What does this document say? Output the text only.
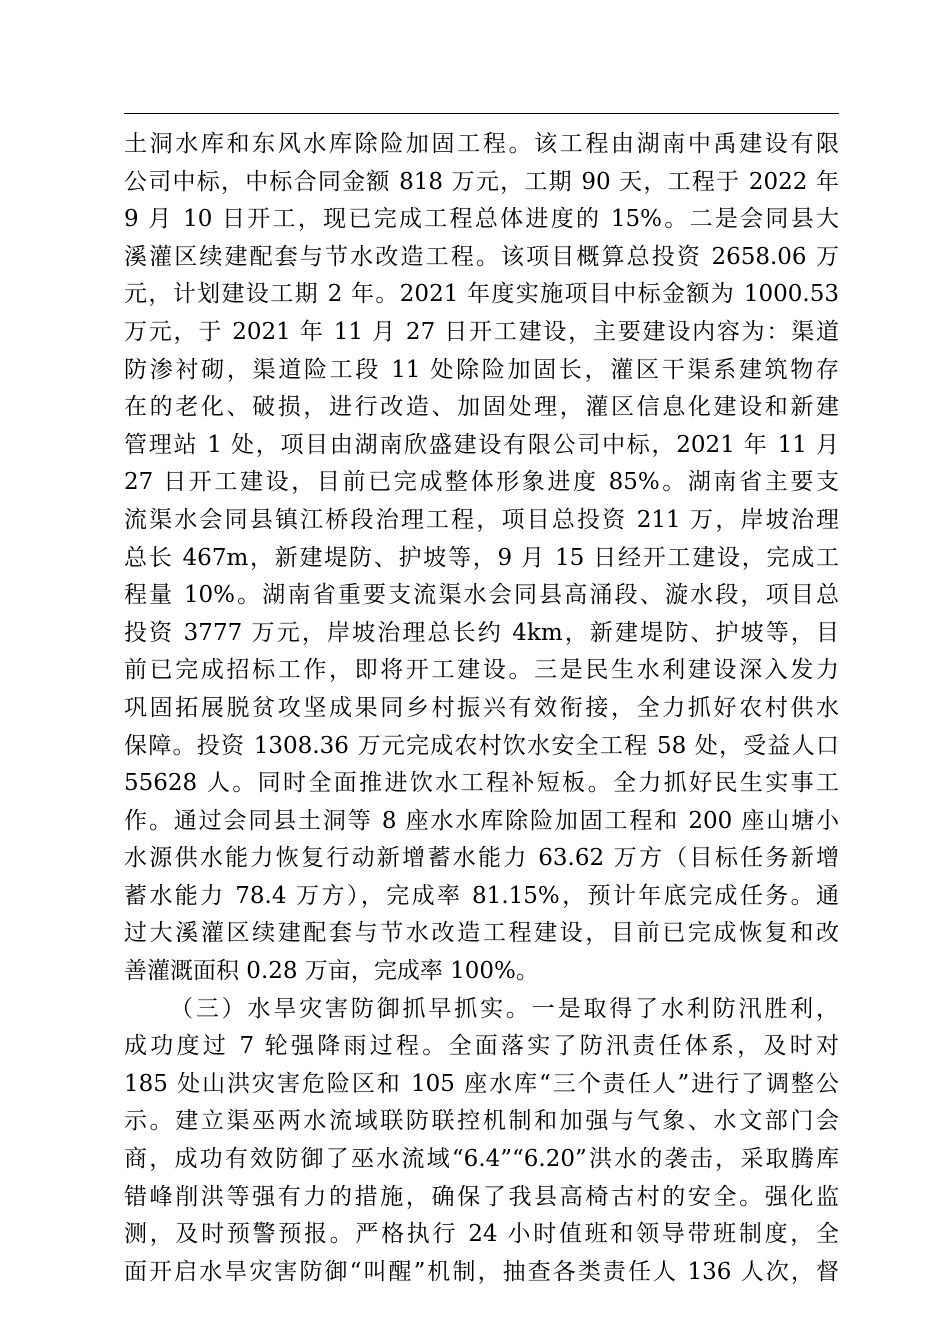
土洞水库和东风水库除险加固工程。该工程由湖南中禹建设有限
公司中标，中标合同金额 818 万元，工期 90 天，工程于 2022 年
9 月 10 日开工，现已完成工程总体进度的 15%。二是会同县大
溪灌区续建配套与节水改造工程。该项目概算总投资 2658.06 万
元，计划建设工期 2 年。2021 年度实施项目中标金额为 1000.53
万元，于 2021 年 11 月 27 日开工建设，主要建设内容为：渠道
防渗衬砌，渠道险工段 11 处除险加固长，灌区干渠系建筑物存
在的老化、破损，进行改造、加固处理，灌区信息化建设和新建
管理站 1 处，项目由湖南欣盛建设有限公司中标，2021 年 11 月
27 日开工建设，目前已完成整体形象进度 85%。湖南省主要支
流渠水会同县镇江桥段治理工程，项目总投资 211 万，岸坡治理
总长 467m，新建堤防、护坡等，9 月 15 日经开工建设，完成工
程量 10%。湖南省重要支流渠水会同县高涌段、漩水段，项目总
投资 3777 万元，岸坡治理总长约 4km，新建堤防、护坡等，目
前已完成招标工作，即将开工建设。三是民生水利建设深入发力
巩固拓展脱贫攻坚成果同乡村振兴有效衔接，全力抓好农村供水
保障。投资 1308.36 万元完成农村饮水安全工程 58 处，受益人口
55628 人。同时全面推进饮水工程补短板。全力抓好民生实事工
作。通过会同县土洞等 8 座水水库除险加固工程和 200 座山塘小
水源供水能力恢复行动新增蓄水能力 63.62 万方（目标任务新增
蓄水能力 78.4 万方），完成率 81.15%，预计年底完成任务。通
过大溪灌区续建配套与节水改造工程建设，目前已完成恢复和改
善灌溉面积 0.28 万亩，完成率 100%。
（三）水旱灾害防御抓早抓实。一是取得了水利防汛胜利，
成功度过 7 轮强降雨过程。全面落实了防汛责任体系，及时对
185 处山洪灾害危险区和 105 座水库“三个责任人”进行了调整公
示。建立渠巫两水流域联防联控机制和加强与气象、水文部门会
商，成功有效防御了巫水流域“6.4”“6.20”洪水的袭击，采取腾库
错峰削洪等强有力的措施，确保了我县高椅古村的安全。强化监
测，及时预警预报。严格执行 24 小时值班和领导带班制度，全
面开启水旱灾害防御“叫醒”机制，抽查各类责任人 136 人次，督
